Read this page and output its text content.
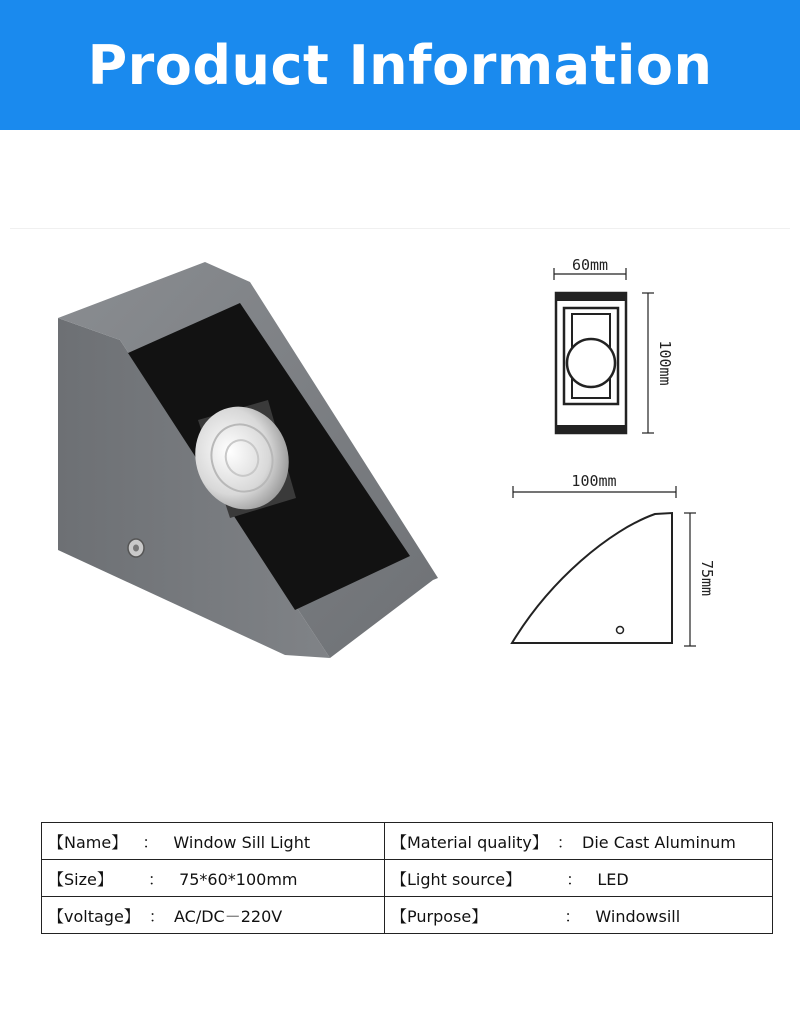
Product Information
60mm
100mm
100mm
75mm
【Name】 ： Window Sill Light	【Material quality】 ： Die Cast Aluminum
【Size】 ： 75*60*100mm	【Light source】 ： LED
【voltage】 ： AC/DC－220V	【Purpose】 ： Windowsill
